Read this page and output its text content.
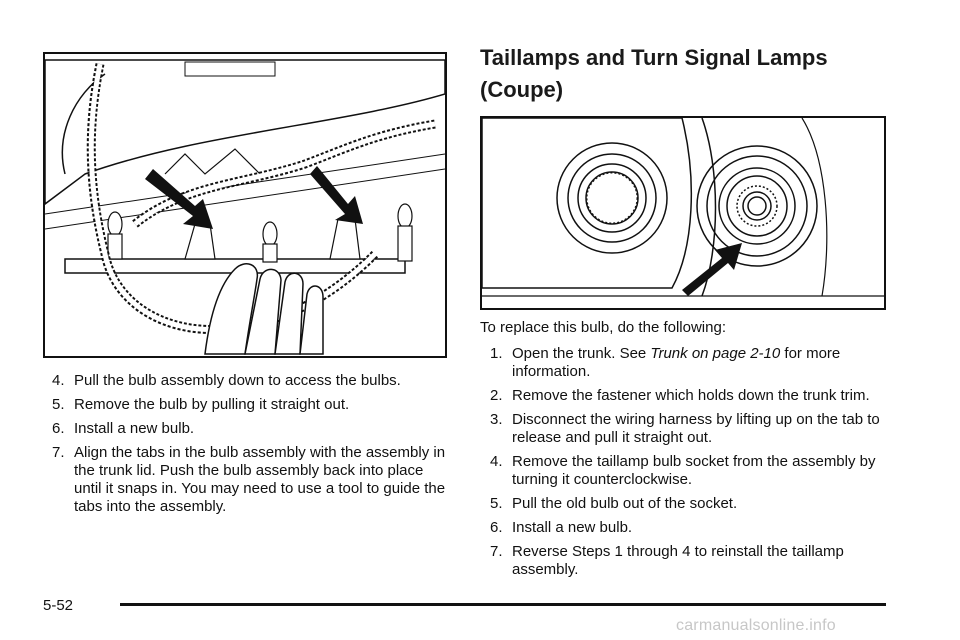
4. Pull the bulb assembly down to access the bulbs.
5. Remove the bulb by pulling it straight out.
6. Install a new bulb.
7. Align the tabs in the bulb assembly with the assembly in the trunk lid. Push the bulb assembly back into place until it snaps in. You may need to use a tool to guide the tabs into the assembly.
Taillamps and Turn Signal Lamps (Coupe)

To replace this bulb, do the following:

1. Open the trunk. See Trunk on page 2-10 for more information.
2. Remove the fastener which holds down the trunk trim.
3. Disconnect the wiring harness by lifting up on the tab to release and pull it straight out.
4. Remove the taillamp bulb socket from the assembly by turning it counterclockwise.
5. Pull the old bulb out of the socket.
6. Install a new bulb.
7. Reverse Steps 1 through 4 to reinstall the taillamp assembly.
5-52
carmanualsonline.info
